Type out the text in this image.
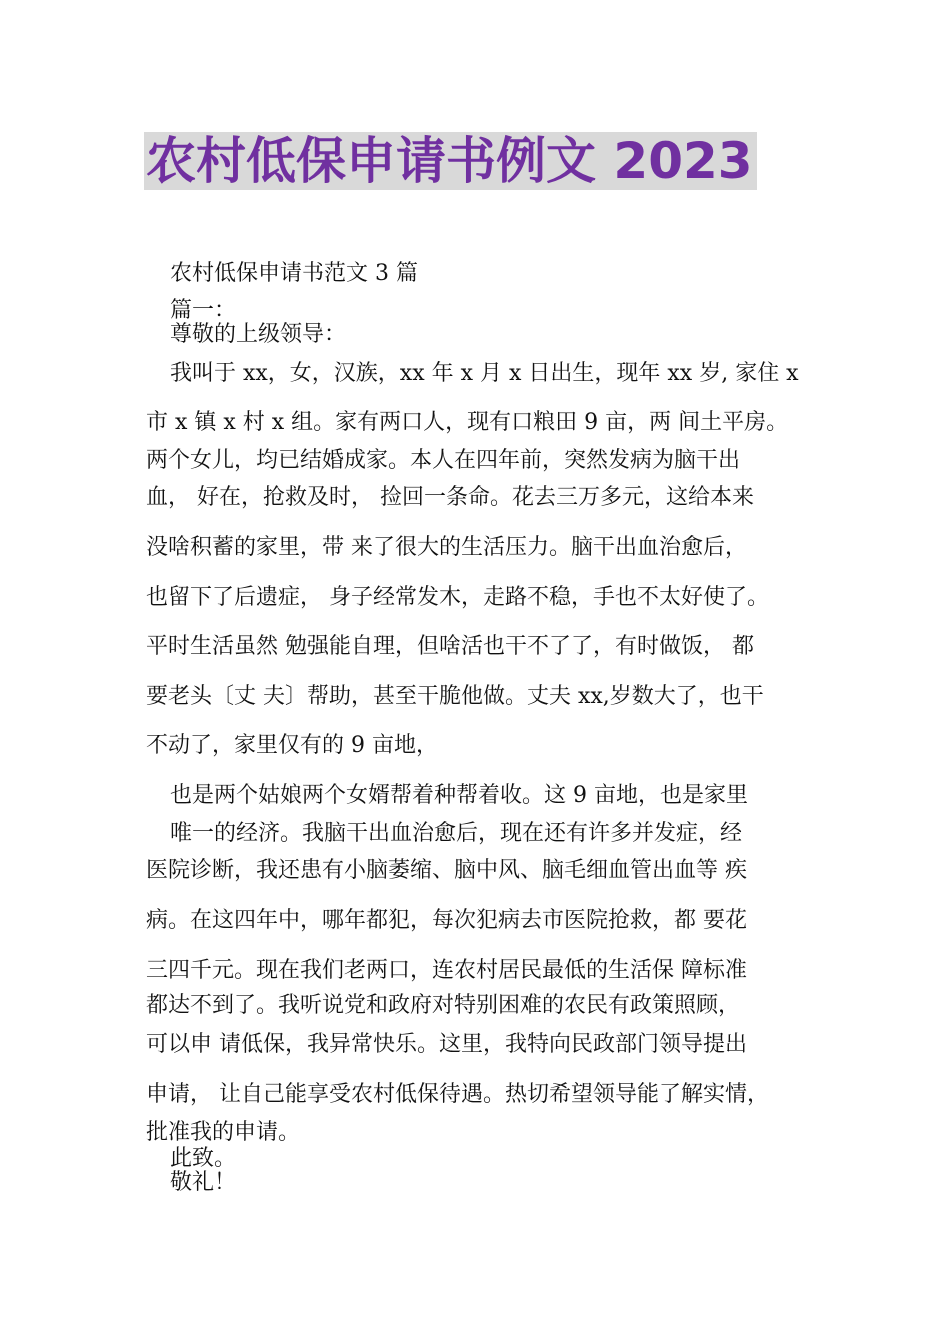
农村低保申请书例文 2023
农村低保申请书范文 3 篇
篇一：
尊敬的上级领导：
我叫于 xx，女，汉族，xx 年 x 月 x 日出生，现年 xx 岁, 家住 x
市 x 镇 x 村 x 组。家有两口人，现有口粮田 9 亩，两 间土平房。
两个女儿，均已结婚成家。本人在四年前，突然发病为脑干出
血， 好在，抢救及时， 捡回一条命。花去三万多元，这给本来
没啥积蓄的家里，带 来了很大的生活压力。脑干出血治愈后，
也留下了后遗症， 身子经常发木，走路不稳，手也不太好使了。
平时生活虽然 勉强能自理，但啥活也干不了了，有时做饭， 都
要老头〔丈 夫〕帮助，甚至干脆他做。丈夫 xx,岁数大了，也干
不动了，家里仅有的 9 亩地，
也是两个姑娘两个女婿帮着种帮着收。这 9 亩地，也是家里
唯一的经济。我脑干出血治愈后，现在还有许多并发症，经
医院诊断，我还患有小脑萎缩、脑中风、脑毛细血管出血等 疾
病。在这四年中，哪年都犯，每次犯病去市医院抢救，都 要花
三四千元。现在我们老两口，连农村居民最低的生活保 障标准
都达不到了。我听说党和政府对特别困难的农民有政策照顾，
可以申 请低保，我异常快乐。这里，我特向民政部门领导提出
申请， 让自己能享受农村低保待遇。热切希望领导能了解实情，
批准我的申请。
此致。
敬礼！
